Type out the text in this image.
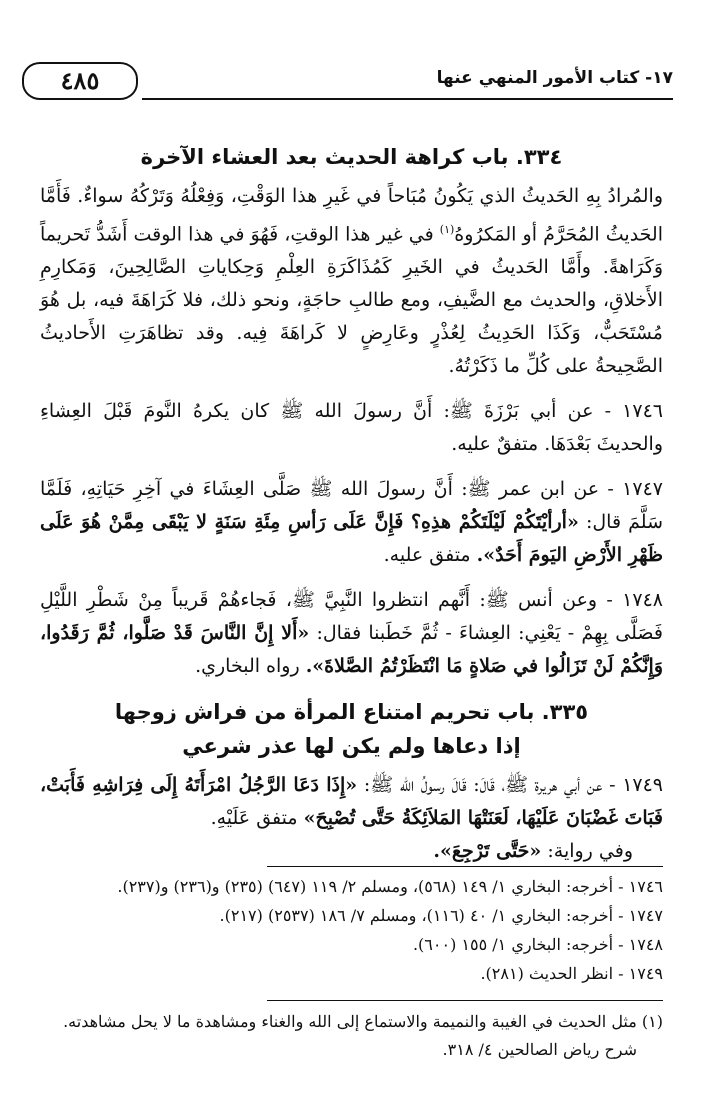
١٧- كتاب الأمور المنهي عنها
٤٨٥
٣٣٤. باب كراهة الحديث بعد العشاء الآخرة

والمُرادُ بِهِ الحَديثُ الذي يَكُونُ مُبَاحاً في غَيرِ هذا الوَقْتِ، وَفِعْلُهُ وَتَرْكُهُ سواءٌ. فَأَمَّا الحَديثُ المُحَرَّمُ أو المَكرُوهُ$^{(١)}$ في غير هذا الوقتِ، فَهُوَ في هذا الوقت أَشَدُّ تَحريماً وَكَرَاهةً. وأَمَّا الحَديثُ في الخَيرِ كَمُذَاكَرَةِ العِلْمِ وَحِكاياتِ الصَّالِحِينَ، وَمَكارِمِ الأَخلاقِ، والحديث مع الضَّيفِ، ومع طالبِ حاجَةٍ، ونحو ذلك، فلا كَرَاهَةَ فيه، بل هُوَ مُسْتَحَبٌّ، وَكَذَا الحَدِيثُ لِعُذْرٍ وعَارِضٍ لا كَراهَةَ فِيه. وقد تظاهَرَتِ الأَحاديثُ الصَّحِيحةُ على كُلِّ ما ذَكَرْتُهُ.

١٧٤٦ - عن أبي بَرْزَةَ ﷺ: أَنَّ رسولَ الله ﷺ كان يكرهُ النَّومَ قَبْلَ العِشاءِ والحديثَ بَعْدَهَا. متفقٌ عليه.

١٧٤٧ - عن ابن عمر ﷺ: أَنَّ رسولَ الله ﷺ صَلَّى العِشَاءَ في آخِرِ حَيَاتِهِ، فَلَمَّا سَلَّمَ قال: «أرأيْتَكُمْ لَيْلَتَكُمْ هذِهِ؟ فَإِنَّ عَلَى رَأسِ مِئَةِ سَنَةٍ لا يَبْقَى مِمَّنْ هُوَ عَلَى ظَهْرِ الأَرْضِ اليَومَ أَحَدٌ». متفق عليه.

١٧٤٨ - وعن أنس ﷺ: أَنَّهم انتظروا النَّبِيَّ ﷺ، فَجاءهُمْ قَريباً مِنْ شَطْرِ اللَّيْلِ فَصَلَّى بِهِمْ - يَعْنِي: العِشاءَ - ثُمَّ خَطَبنا فقال: «أَلا إِنَّ النَّاسَ قَدْ صَلَّوا، ثُمَّ رَقَدُوا، وَإِنَّكُمْ لَنْ تَزَالُوا في صَلاةٍ مَا انْتَظَرْتُمُ الصَّلاةَ». رواه البخاري.

٣٣٥. باب تحريم امتناع المرأة من فراش زوجها
إذا دعاها ولم يكن لها عذر شرعي

١٧٤٩ - عن أبي هريرة ﷺ، قَالَ: قَالَ رسولُ الله ﷺ: «إِذَا دَعَا الرَّجُلُ امْرَأَتَهُ إِلَى فِرَاشِهِ فَأَبَتْ، فَبَاتَ غَضْبَانَ عَلَيْهَا، لَعَنَتْهَا المَلاَئِكَةُ حَتَّى تُصْبِحَ» متفق عَلَيْهِ.

وفي رواية: «حَتَّى تَرْجِعَ».

١٧٤٦ - أخرجه: البخاري ١/ ١٤٩ (٥٦٨)، ومسلم ٢/ ١١٩ (٦٤٧) (٢٣٥) و(٢٣٦) و(٢٣٧).
١٧٤٧ - أخرجه: البخاري ١/ ٤٠ (١١٦)، ومسلم ٧/ ١٨٦ (٢٥٣٧) (٢١٧).
١٧٤٨ - أخرجه: البخاري ١/ ١٥٥ (٦٠٠).
١٧٤٩ - انظر الحديث (٢٨١).
(١) مثل الحديث في الغيبة والنميمة والاستماع إلى الله والغناء ومشاهدة ما لا يحل مشاهدته.
شرح رياض الصالحين ٤/ ٣١٨.
